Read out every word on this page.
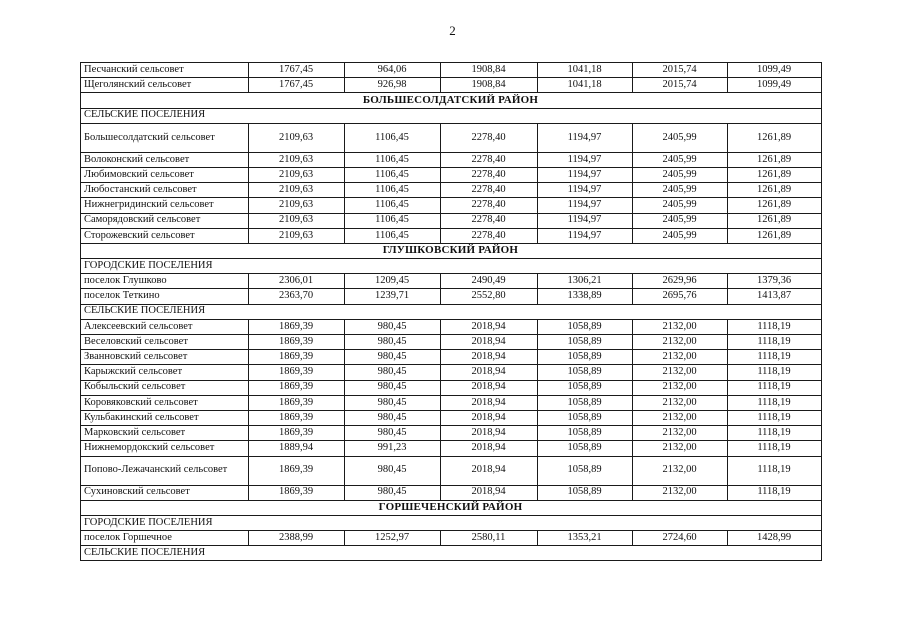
2
Песчанский сельсовет	1767,45	964,06	1908,84	1041,18	2015,74	1099,49
Щеголянский сельсовет	1767,45	926,98	1908,84	1041,18	2015,74	1099,49
БОЛЬШЕСОЛДАТСКИЙ РАЙОН						
СЕЛЬСКИЕ ПОСЕЛЕНИЯ						
Большесолдатский сельсовет	2109,63	1106,45	2278,40	1194,97	2405,99	1261,89
Волоконский сельсовет	2109,63	1106,45	2278,40	1194,97	2405,99	1261,89
Любимовский сельсовет	2109,63	1106,45	2278,40	1194,97	2405,99	1261,89
Любостанский сельсовет	2109,63	1106,45	2278,40	1194,97	2405,99	1261,89
Нижнегридинский сельсовет	2109,63	1106,45	2278,40	1194,97	2405,99	1261,89
Саморядовский сельсовет	2109,63	1106,45	2278,40	1194,97	2405,99	1261,89
Сторожевский сельсовет	2109,63	1106,45	2278,40	1194,97	2405,99	1261,89
ГЛУШКОВСКИЙ РАЙОН						
ГОРОДСКИЕ ПОСЕЛЕНИЯ						
поселок Глушково	2306,01	1209,45	2490,49	1306,21	2629,96	1379,36
поселок Теткино	2363,70	1239,71	2552,80	1338,89	2695,76	1413,87
СЕЛЬСКИЕ ПОСЕЛЕНИЯ						
Алексеевский сельсовет	1869,39	980,45	2018,94	1058,89	2132,00	1118,19
Веселовский сельсовет	1869,39	980,45	2018,94	1058,89	2132,00	1118,19
Званновский сельсовет	1869,39	980,45	2018,94	1058,89	2132,00	1118,19
Карыжский сельсовет	1869,39	980,45	2018,94	1058,89	2132,00	1118,19
Кобыльский сельсовет	1869,39	980,45	2018,94	1058,89	2132,00	1118,19
Коровяковский сельсовет	1869,39	980,45	2018,94	1058,89	2132,00	1118,19
Кульбакинский сельсовет	1869,39	980,45	2018,94	1058,89	2132,00	1118,19
Марковский сельсовет	1869,39	980,45	2018,94	1058,89	2132,00	1118,19
Нижнемордокский сельсовет	1889,94	991,23	2018,94	1058,89	2132,00	1118,19
Попово-Лежачанский сельсовет	1869,39	980,45	2018,94	1058,89	2132,00	1118,19
Сухиновский сельсовет	1869,39	980,45	2018,94	1058,89	2132,00	1118,19
ГОРШЕЧЕНСКИЙ РАЙОН						
ГОРОДСКИЕ ПОСЕЛЕНИЯ						
поселок Горшечное	2388,99	1252,97	2580,11	1353,21	2724,60	1428,99
СЕЛЬСКИЕ ПОСЕЛЕНИЯ						
